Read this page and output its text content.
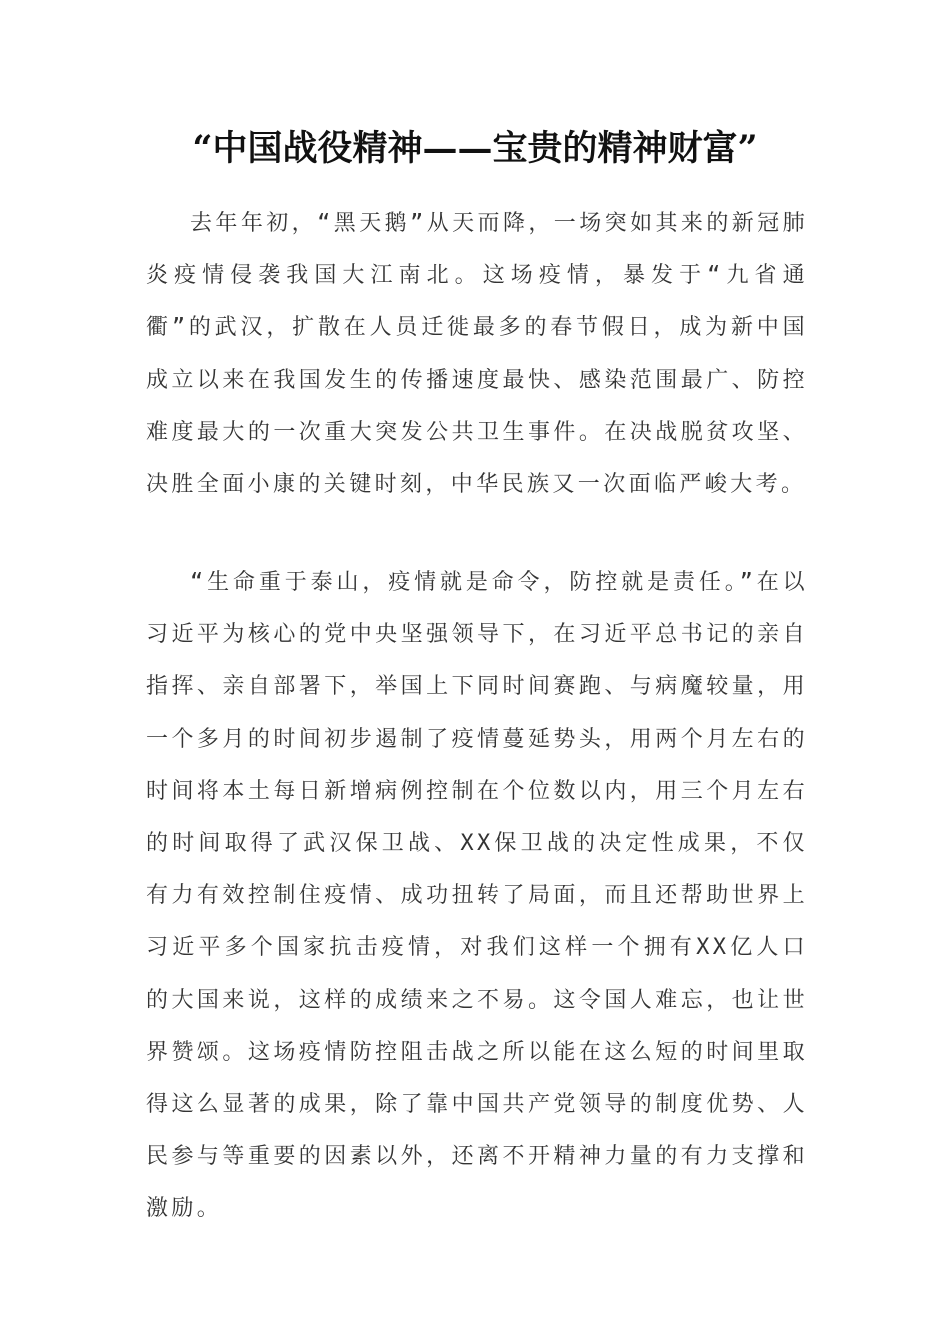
“中国战役精神——宝贵的精神财富”

去年年初，“黑天鹅”从天而降，一场突如其来的新冠肺炎疫情侵袭我国大江南北。这场疫情，暴发于“九省通衢”的武汉，扩散在人员迁徙最多的春节假日，成为新中国成立以来在我国发生的传播速度最快、感染范围最广、防控难度最大的一次重大突发公共卫生事件。在决战脱贫攻坚、决胜全面小康的关键时刻，中华民族又一次面临严峻大考。

“生命重于泰山，疫情就是命令，防控就是责任。”在以习近平为核心的党中央坚强领导下，在习近平总书记的亲自指挥、亲自部署下，举国上下同时间赛跑、与病魔较量，用一个多月的时间初步遏制了疫情蔓延势头，用两个月左右的时间将本土每日新增病例控制在个位数以内，用三个月左右的时间取得了武汉保卫战、XX保卫战的决定性成果，不仅有力有效控制住疫情、成功扭转了局面，而且还帮助世界上习近平多个国家抗击疫情，对我们这样一个拥有XX亿人口的大国来说，这样的成绩来之不易。这令国人难忘，也让世界赞颂。这场疫情防控阻击战之所以能在这么短的时间里取得这么显著的成果，除了靠中国共产党领导的制度优势、人民参与等重要的因素以外，还离不开精神力量的有力支撑和激励。
